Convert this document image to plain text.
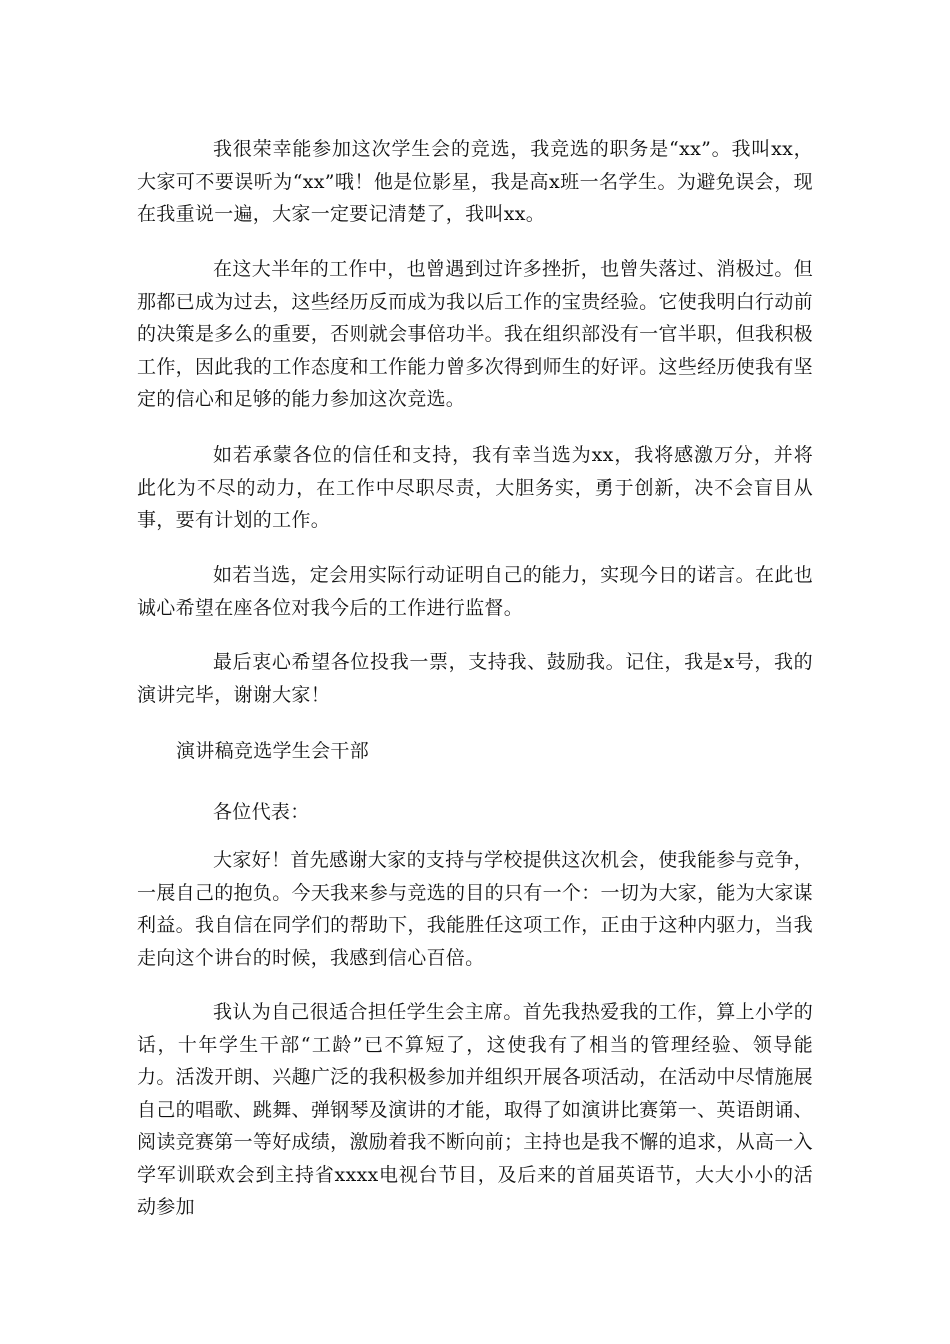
我很荣幸能参加这次学生会的竞选，我竞选的职务是“xx”。我叫xx，大家可不要误听为“xx”哦！他是位影星，我是高x班一名学生。为避免误会，现在我重说一遍，大家一定要记清楚了，我叫xx。

在这大半年的工作中，也曾遇到过许多挫折，也曾失落过、消极过。但那都已成为过去，这些经历反而成为我以后工作的宝贵经验。它使我明白行动前的决策是多么的重要，否则就会事倍功半。我在组织部没有一官半职，但我积极工作，因此我的工作态度和工作能力曾多次得到师生的好评。这些经历使我有坚定的信心和足够的能力参加这次竞选。

如若承蒙各位的信任和支持，我有幸当选为xx，我将感激万分，并将此化为不尽的动力，在工作中尽职尽责，大胆务实，勇于创新，决不会盲目从事，要有计划的工作。

如若当选，定会用实际行动证明自己的能力，实现今日的诺言。在此也诚心希望在座各位对我今后的工作进行监督。

最后衷心希望各位投我一票，支持我、鼓励我。记住，我是x号，我的演讲完毕，谢谢大家！

演讲稿竞选学生会干部

各位代表：

大家好！首先感谢大家的支持与学校提供这次机会，使我能参与竞争，一展自己的抱负。今天我来参与竞选的目的只有一个：一切为大家，能为大家谋利益。我自信在同学们的帮助下，我能胜任这项工作，正由于这种内驱力，当我走向这个讲台的时候，我感到信心百倍。

我认为自己很适合担任学生会主席。首先我热爱我的工作，算上小学的话，十年学生干部“工龄”已不算短了，这使我有了相当的管理经验、领导能力。活泼开朗、兴趣广泛的我积极参加并组织开展各项活动，在活动中尽情施展自己的唱歌、跳舞、弹钢琴及演讲的才能，取得了如演讲比赛第一、英语朗诵、阅读竞赛第一等好成绩，激励着我不断向前；主持也是我不懈的追求，从高一入学军训联欢会到主持省xxxx电视台节目，及后来的首届英语节，大大小小的活动参加
